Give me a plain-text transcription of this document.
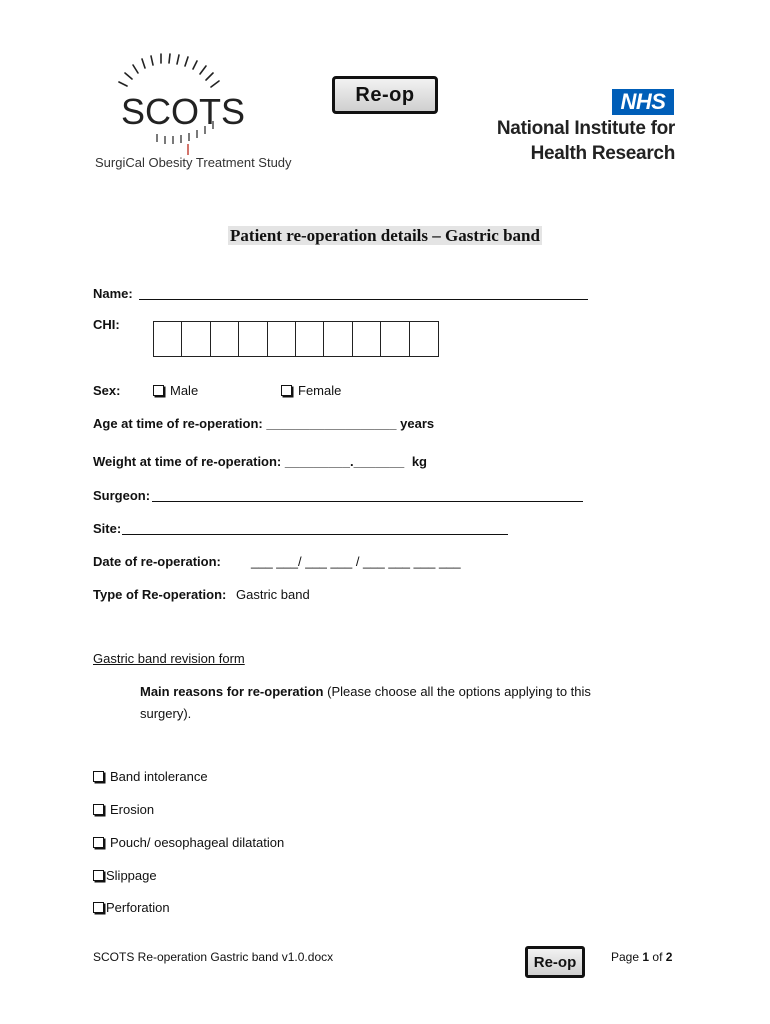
SCOTS
SurgiCal Obesity Treatment Study
Re-op	NHS
National Institute for
Health Research
Patient re-operation details – Gastric band
Name:
CHI:
Sex:	Male	Female
Age at time of re-operation: __________________ years
Weight at time of re-operation: _________._______ kg
Surgeon:
Site:
Date of re-operation: ___ ___/ ___ ___ / ___ ___ ___ ___
Type of Re-operation: Gastric band
Gastric band revision form
Main reasons for re-operation (Please choose all the options applying to this
surgery).
Band intolerance
Erosion
Pouch/ oesophageal dilatation
Slippage
Perforation
SCOTS Re-operation Gastric band v1.0.docx	Re-op	Page 1 of 2
